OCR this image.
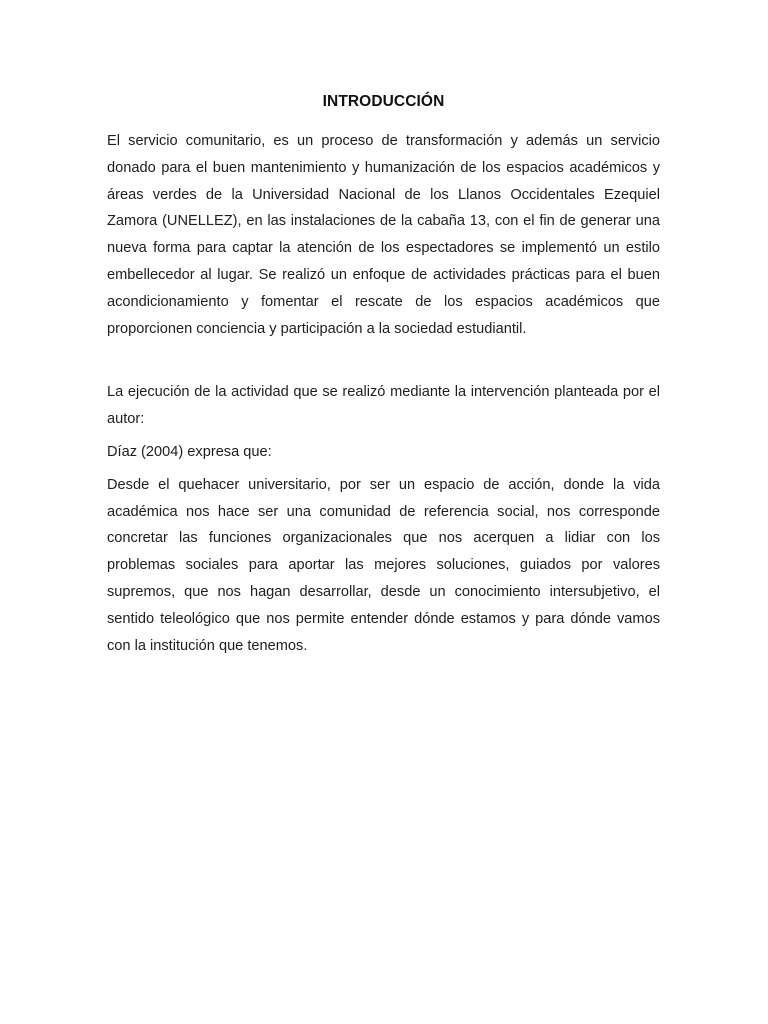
INTRODUCCIÓN

El servicio comunitario, es un proceso de transformación y además un servicio donado para el buen mantenimiento y humanización de los espacios académicos y áreas verdes de la Universidad Nacional de los Llanos Occidentales Ezequiel Zamora (UNELLEZ), en las instalaciones de la cabaña 13, con el fin de generar una nueva forma para captar la atención de los espectadores se implementó un estilo embellecedor al lugar. Se realizó un enfoque de actividades prácticas para el buen acondicionamiento y fomentar el rescate de los espacios académicos que proporcionen conciencia y participación a la sociedad estudiantil.

La ejecución de la actividad que se realizó mediante la intervención planteada por el autor:

Díaz (2004) expresa que:

Desde el quehacer universitario, por ser un espacio de acción, donde la vida académica nos hace ser una comunidad de referencia social, nos corresponde concretar las funciones organizacionales que nos acerquen a lidiar con los problemas sociales para aportar las mejores soluciones, guiados por valores supremos, que nos hagan desarrollar, desde un conocimiento intersubjetivo, el sentido teleológico que nos permite entender dónde estamos y para dónde vamos con la institución que tenemos.
